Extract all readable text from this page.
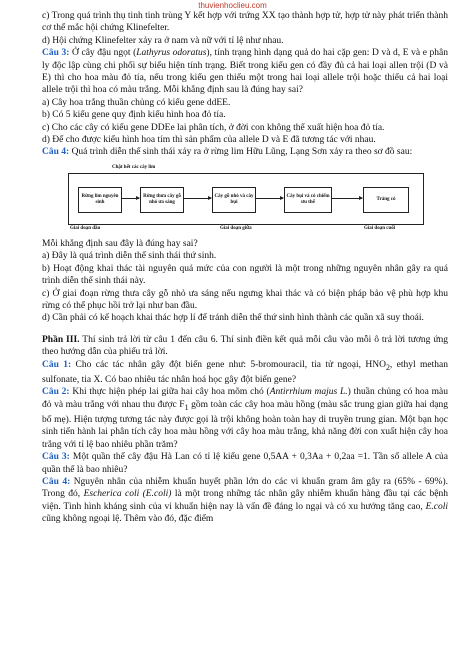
thuvienhoclieu.com

c) Trong quá trình thụ tinh tinh trùng Y kết hợp với trứng XX tạo thành hợp tử, hợp tử này phát triển thành cơ thể mắc hội chứng Klinefelter.

d) Hội chứng Klinefelter xảy ra ở nam và nữ với tỉ lệ như nhau.

Câu 3: Ở cây đậu ngọt (Lathyrus odoratus), tính trạng hình dạng quả do hai cặp gen: D và d, E và e phân ly độc lập cùng chi phối sự biểu hiện tính trạng. Biết trong kiểu gen có đầy đủ cả hai loại allen trội (D và E) thì cho hoa màu đỏ tía, nếu trong kiểu gen thiếu một trong hai loại allele trội hoặc thiếu cả hai loại allele trội thì hoa có màu trắng. Mỗi khẳng định sau là đúng hay sai?

a) Cây hoa trắng thuần chủng có kiểu gene ddEE.

b) Có 5 kiểu gene quy định kiểu hình hoa đỏ tía.

c) Cho các cây có kiểu gene DDEe lai phân tích, ở đời con không thể xuất hiện hoa đỏ tía.

d) Để cho được kiểu hình hoa tím thì sản phẩm của allele D và E đã tương tác với nhau.

Câu 4: Quá trình diễn thế sinh thái xảy ra ở rừng lim Hữu Lũng, Lạng Sơn xảy ra theo sơ đồ sau:

Chặt hết các cây lim
Rừng lim nguyên sinh
Rừng thưa cây gỗ nhỏ ưa sáng
Cây gỗ nhỏ và cây bụi
Cây bụi và cỏ chiếm ưu thế
Trảng cỏ
Giai đoạn đầu	Giai đoạn giữa	Giai đoạn cuối

Mỗi khẳng định sau đây là đúng hay sai?

a) Đây là quá trình diễn thế sinh thái thứ sinh.

b) Hoạt động khai thác tài nguyên quá mức của con người là một trong những nguyên nhân gây ra quá trình diễn thế sinh thái này.

c) Ở giai đoạn rừng thưa cây gỗ nhỏ ưa sáng nếu ngưng khai thác và có biện pháp bảo vệ phù hợp khu rừng có thể phục hồi trở lại như ban đầu.

d) Cần phải có kế hoạch khai thác hợp lí để tránh diễn thế thứ sinh hình thành các quần xã suy thoái.

Phần III. Thí sinh trả lời từ câu 1 đến câu 6. Thí sinh điền kết quả mỗi câu vào mỗi ô trả lời tương ứng theo hướng dẫn của phiếu trả lời.

Câu 1: Cho các tác nhân gây đột biến gene như: 5-bromouracil, tia tử ngoại, $HNO_2$, ethyl methan sulfonate, tia X. Có bao nhiêu tác nhân hoá học gây đột biến gene?

Câu 2: Khi thực hiện phép lai giữa hai cây hoa mõm chó (Antirrhium majus L.) thuần chủng có hoa màu đỏ và màu trắng với nhau thu được $F_1$ gồm toàn các cây hoa màu hồng (màu sắc trung gian giữa hai dạng bố mẹ). Hiện tượng tương tác này được gọi là trội không hoàn toàn hay di truyền trung gian. Một bạn học sinh tiến hành lai phân tích cây hoa màu hồng với cây hoa màu trắng, khả năng đời con xuất hiện cây hoa trắng với tỉ lệ bao nhiêu phần trăm?

Câu 3: Một quần thể cây đậu Hà Lan có tỉ lệ kiểu gene 0,5AA + 0,3Aa + 0,2aa =1. Tần số allele A của quần thể là bao nhiêu?

Câu 4: Nguyên nhân của nhiễm khuẩn huyết phần lớn do các vi khuẩn gram âm gây ra (65% - 69%). Trong đó, Escherica coli (E.coli) là một trong những tác nhân gây nhiễm khuẩn hàng đầu tại các bệnh viện. Tình hình kháng sinh của vi khuẩn hiện nay là vấn đề đáng lo ngại và có xu hướng tăng cao, E.coli cũng không ngoại lệ. Thêm vào đó, đặc điểm
